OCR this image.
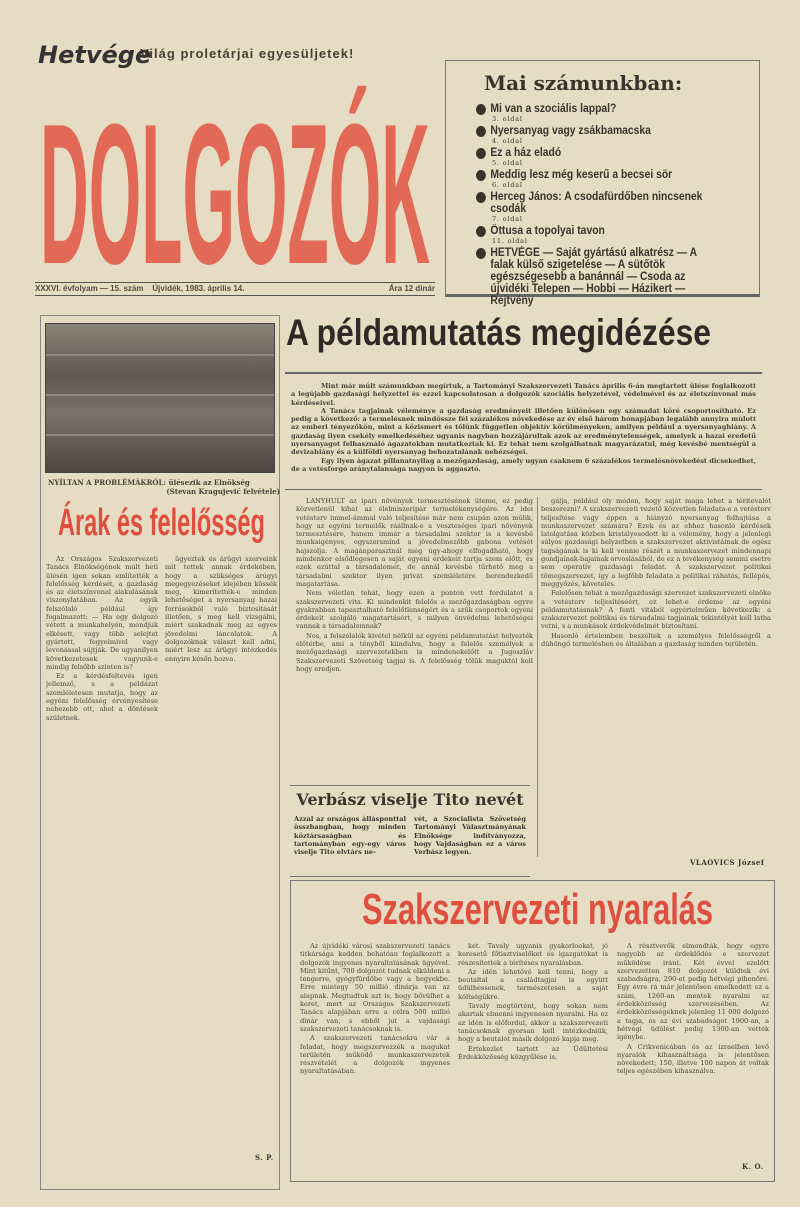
Világ proletárjai egyesüljetek!
DOLGOZÓK
Hetvége
XXXVI. évfolyam — 15. szám Újvidék, 1983. április 14.	Ára 12 dinár
Mai számunkban:
Mi van a szociális lappal?
3. oldal
Nyersanyag vagy zsákbamacska
4. oldal
Ez a ház eladó
5. oldal
Meddig lesz még keserű a becsei sör
6. oldal
Herceg János: A csodafürdőben nincsenek csodák
7. oldal
Öttusa a topolyai tavon
11. oldal
HETVÉGE — Saját gyártású alkatrész — A falak külső szigetelése — A sütőtök egészségesebb a banánnál — Csoda az újvidéki Telepen — Hobbi — Házikert — Rejtvény
NYÍLTAN A PROBLÉMÁKRÓL: ülésezik az Elnökség
(Stevan Kragujević felvétele)
Árak és felelősség

Az Országos Szakszervezeti Tanács Elnökségének múlt heti ülésén igen sokan említették a felelősség kérdését, a gazdaság és az életszínvonal alakulásának viszonylatában. Az egyik felszólaló például így fogalmazott: — Ha egy dolgozó vétett a munkahelyén, mondjuk elkésett, vagy több selejtet gyártott, fegyelmivel vagy levonással sújtják. De ugyanilyen következetesek vagyunk-e mindig felsőbb szinten is?

Ez a kérdésfeltevés igen jellemző, s a példázat szemléletesen mutatja, hogy az egyéni felelősség érvényesítése nehezebb ott, ahol a döntések születnek.

ügyeztek és árügyi szerveink mit tettek annak érdekében, hogy a szükséges árúgyi megegyezéseket idejében kössék meg, kimerítették-e minden lehetőséget a nyersanyag hazai forrásokból való biztosítását illetően, s meg kell vizsgálni, miért szakadnak meg az egyes jövedelmi láncolatok. A dolgozóknak választ kell adni, miért lesz az árügyi intézkedés ennyire későn hozva.

S. P.
A példamutatás megidézése

Mint már múlt számunkban megírtuk, a Tartományi Szakszervezeti Tanács április 6-án megtartott ülése foglalkozott a legújabb gazdasági helyzettel és ezzel kapcsolatosan a dolgozók szociális helyzetével, védelmével és az életszínvonal más kérdéseivel.

A Tanács tagjainak véleménye a gazdaság eredményeit illetően különösen egy számadat köré csoportosítható. Ez pedig a következő: a termelésnek mindössze fél százalékos növekedése az év első három hónapjában legalább annyira múlott az emberi tényezőkön, mint a közismert és tőlünk független objektív körülményeken, amilyen például a nyersanyaghiány. A gazdaság ilyen csekély emelkedéséhez ugyanis nagyban hozzájárultak azok az eredménytelenségek, amelyek a hazai eredetű nyersanyagot felhasználó ágazatokban mutatkoztak ki. Ez tehát nem szolgálhatnak magyarázatul, még kevésbé mentségül a devizahiány és a külföldi nyersanyag behozatalának nehézségei.

Egy ilyen ágazat pillanatnyilag a mezőgazdaság, amely ugyan csaknem 6 százalékos termelésnövekedést dicsekedhet, de a vetésforgó aránytalansága nagyon is aggasztó.

LANYHULT az ipari növények termesztésének üteme, ez pedig közvetlenül kihat az élelmiszeripar termelékenységére. Az idei vetésterv immel-ámmal való teljesítése már nem csupán azon múlik, hogy az egyéni termelők ráállnak-e a veszteséges ipari növények termesztésére, hanem immár a társadalmi szektor is a kevésbé munkaigényes, egyszersmind a jövedelmezőbb gabona vetését hajszolja. A magánparasztnál még úgy-ahogy elfogadható, hogy mindenkor elsődlegesen a saját egyéni érdekeit tartja szem előtt, és ezek ezúttal a társadalomét, de annál kevésbé tűrhető meg a társadalmi szektor ilyen privát szemléletére berendezkedő magatartása.

Nem véletlen tehát, hogy ezen a ponton vett fordulatot a szakszervezeti vita. Ki mindenkit felelős a mezőgazdaságban egyre gyakrabban tapasztalható felelőtlenségért és a szűk csoportok egyéni érdekeit szolgáló magatartásért, s milyen önvédelmi lehetőségei vannak a társadalomnak?

Nos, a felszólalók kivétel nélkül az egyéni példamutatást helyezték előtérbe, ami a tényből kiindulva, hogy a felelős személyek a mezőgazdasági szervezetekben is mindenekelőtt a Jugoszláv Szakszervezeti Szövetség tagjai is. A felelősség tőlük maguktól kell hogy eredjen.

gálja, például oly módon, hogy saját maga lehet a téritevalót beszerezni? A szakszervezeti vezető közvetlen feladata-e a vetésterv teljesítése vagy éppen a hiányzó nyersanyag felhajtása a munkaszervezet számára? Ezek és az ehhez hasonló kérdések latolgatása közben kristályosodott ki a vélemény, hogy a jelenlegi súlyos gazdasági helyzetben a szakszervezet aktivistáinak de egész tagságának is ki kell vennie részét a munkaszervezet mindennapi gondjainak-bajainak orvoslásából, de ez a tevékenység semmi esetre sem operatív gazdasági feladat. A szakszervezet politikai tömegszervezet, így a legfőbb feladata a politikai ráhatás, fellépés, meggyőzés, követelés.

Felelősen tehát a mezőgazdasági szervezet szakszervezeti elnöke a vetésterv teljesítéséért, ez lehet-e érdeme az egyéni példamutatásnak? A fenti vitából egyértelműen következik: a szakszervezet politikai és társadalmi tagjainak tekintélyét kell latba vetni, s a munkások érdekvédelmét biztosítani.

Hasonló értelemben beszéltek a személyes felelősségről a dühöngő termelésben és általában a gazdaság minden területén.

VLAOVICS József
Verbász viselje Tito nevét
Azzal az országos állásponttal összhangban, hogy minden köztársaságban és tartományban egy-egy város viselje Tito elvtárs ne-
vét, a Szocialista Szövetség Tartományi Választmányának Elnöksége indítványozza, hogy Vajdaságban ez a város Verbász legyen.
Szakszervezeti nyaralás

Az újvidéki városi szakszervezeti tanács titkársága kedden behatóan foglalkozott a dolgozók ingyenes nyaraltatásának ügyével. Mint kitűnt, 700 dolgozót tudnak elküldeni a tengerre, gyógyfürdőbe vagy a hegyekbe. Erre mintegy 50 millió dinárja van az alapnak. Megtudtuk azt is, hogy bővülhet a keret, mert az Országos Szakszervezeti Tanács alapjában erre a célra 500 millió dinár van, s ebből jut a vajdasági szakszervezeti tanácsoknak is.

A szakszervezeti tanácsokra vár a feladat, hogy megszervezzék a magukat területén működő munkaszervezetek részvételét a dolgozók ingyenes nyaraltatásában.

ket. Tavaly ugyanis gyakorlookat, jó keresetű főtisztviselőket és igazgatókat is részesítettek a térítéses nyaralásban.

Az idén lehetővé kell tenni, hogy a beutaltal a családtagjai is együtt üdülhessenek, természetesen a saját költségükre.

Tavaly megtörtént, hogy sokan nem akartak elmenni ingyenesen nyaralni. Ha ez az idén is előfordul, akkor a szakszervezeti tanácsoknak gyorsan kell intézkedniük, hogy a beutalót másik dolgozó kapja meg.

Értekezlet tartott az Üdültetési Érdekközösség közgyűlése is.

A résztvevők elmondták, hogy egyre nagyobb az érdeklődés e szervezet működése iránt. Két évvel ezelőtt szervezetten 810 dolgozót küldtek évi szabadságra, 290-et pedig hétvégi pihenőre. Egy évre rá már jelentősen emelkedett ez a szám, 1260-an mentek nyaralni az érdekközösség szervezésében. Az érdekközösségeknek jelenleg 11 000 dolgozó a tagja, és az évi szabadságot 1900-an, a hétvégi üdülést pedig 1300-an vették igénybe.

A Crikvenicában és az izraelben levő nyaralók kihasználtsága is jelentősen növekedett; 150, illetve 100 napon át voltak teljes egészében kihasználva.

K. O.
